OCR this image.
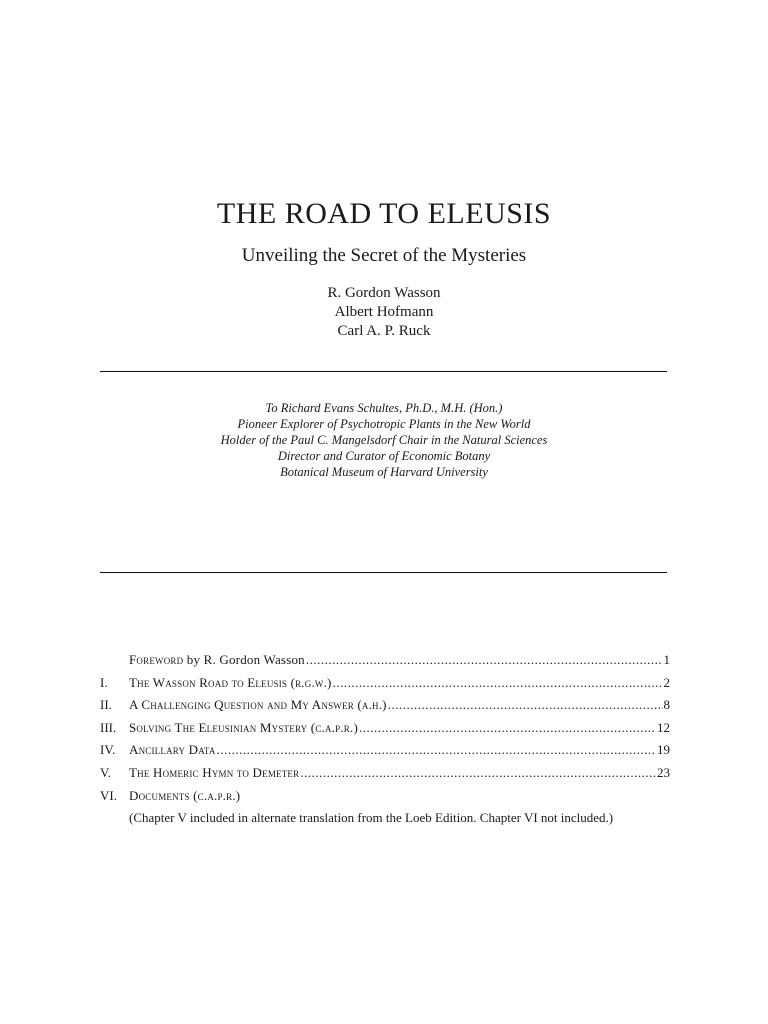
THE ROAD TO ELEUSIS
Unveiling the Secret of the Mysteries
R. Gordon Wasson
Albert Hofmann
Carl A. P. Ruck
To Richard Evans Schultes, Ph.D., M.H. (Hon.)
Pioneer Explorer of Psychotropic Plants in the New World
Holder of the Paul C. Mangelsdorf Chair in the Natural Sciences
Director and Curator of Economic Botany
Botanical Museum of Harvard University
Foreword by R. Gordon Wasson .....	1
I.	The Wasson Road to Eleusis (r.g.w.) .....	2
II.	A Challenging Question and My Answer (a.h.) .....	8
III. Solving The Eleusinian Mystery (c.a.p.r.) .....	12
IV.	Ancillary Data .....	19
V.	The Homeric Hymn to Demeter .....	23
VI. Documents (c.a.p.r.)
(Chapter V included in alternate translation from the Loeb Edition. Chapter VI not included.)
